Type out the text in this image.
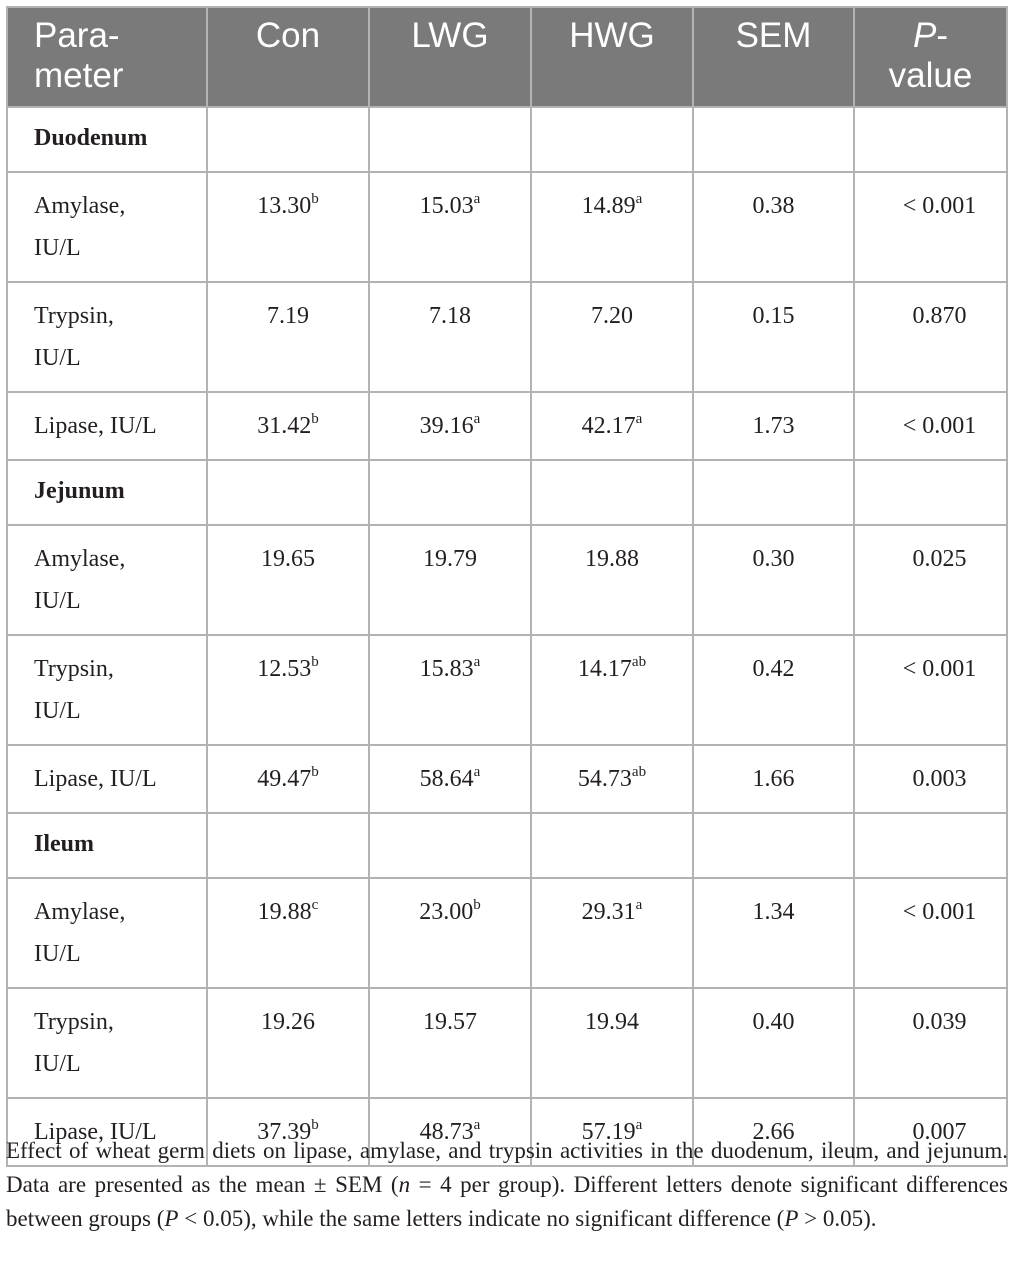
Para-
meter	Con	LWG	HWG	SEM	P-
value
Duodenum					
Amylase,
IU/L	13.30$^b$	15.03$^a$	14.89$^a$	0.38	< 0.001
Trypsin,
IU/L	7.19	7.18	7.20	0.15	0.870
Lipase, IU/L	31.42$^b$	39.16$^a$	42.17$^a$	1.73	< 0.001
Jejunum					
Amylase,
IU/L	19.65	19.79	19.88	0.30	0.025
Trypsin,
IU/L	12.53$^b$	15.83$^a$	14.17$^{ab}$	0.42	< 0.001
Lipase, IU/L	49.47$^b$	58.64$^a$	54.73$^{ab}$	1.66	0.003
Ileum					
Amylase,
IU/L	19.88$^c$	23.00$^b$	29.31$^a$	1.34	< 0.001
Trypsin,
IU/L	19.26	19.57	19.94	0.40	0.039
Lipase, IU/L	37.39$^b$	48.73$^a$	57.19$^a$	2.66	0.007
Effect of wheat germ diets on lipase, amylase, and trypsin activities in the duodenum, ileum, and jejunum. Data are presented as the mean ± SEM (n = 4 per group). Different letters denote significant differences between groups (P < 0.05), while the same letters indicate no significant difference (P > 0.05).
